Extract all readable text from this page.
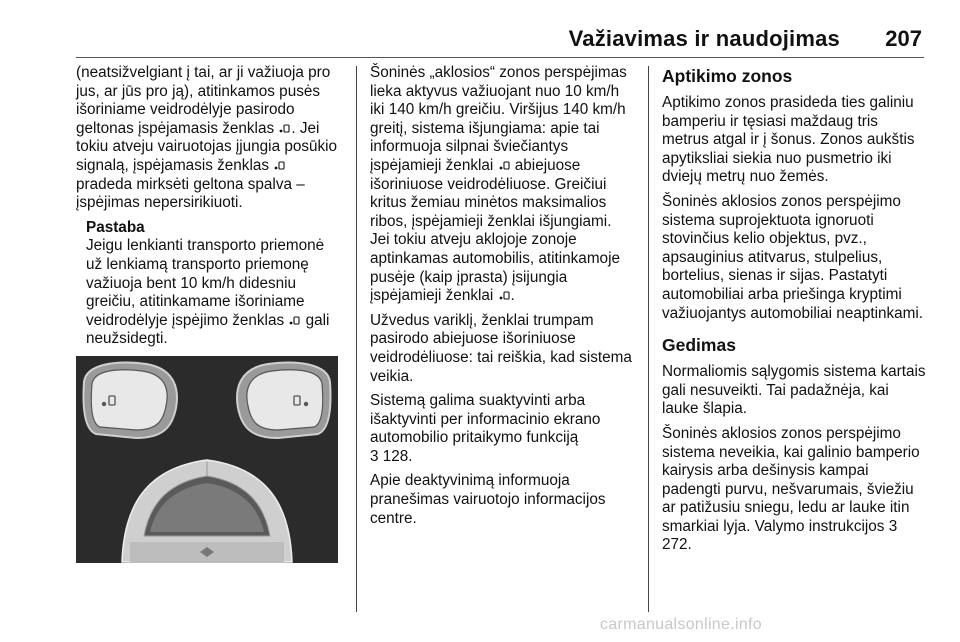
Važiavimas ir naudojimas 207

(neatsižvelgiant į tai, ar ji važiuoja pro jus, ar jūs pro ją), atitinkamos pusės išoriniame veidrodėlyje pasirodo geltonas įspėjamasis ženklas . Jei tokiu atveju vairuotojas įjungia posūkio signalą, įspėjamasis ženklas
pradeda mirksėti geltona spalva – įspėjimas nepersirikiuoti.

Pastaba
Jeigu lenkianti transporto priemonė už lenkiamą transporto priemonę važiuoja bent 10 km/h didesniu greičiu, atitinkamame išoriniame veidrodėlyje įspėjimo ženklas gali neužsidegti.

Šoninės „aklosios“ zonos perspėjimas lieka aktyvus važiuojant nuo 10 km/h iki 140 km/h greičiu. Viršijus 140 km/h greitį, sistema išjungiama: apie tai informuoja silpnai šviečiantys įspėjamieji ženklai abiejuose išoriniuose veidrodėliuose. Greičiui kritus žemiau minėtos maksimalios ribos, įspėjamieji ženklai išjungiami. Jei tokiu atveju aklojoje zonoje aptinkamas automobilis, atitinkamoje pusėje (kaip įprasta) įsijungia įspėjamieji ženklai .

Užvedus variklį, ženklai trumpam pasirodo abiejuose išoriniuose veidrodėliuose: tai reiškia, kad sistema veikia.

Sistemą galima suaktyvinti arba išaktyvinti per informacinio ekrano automobilio pritaikymo funkciją
3 128.

Apie deaktyvinimą informuoja pranešimas vairuotojo informacijos centre.

Aptikimo zonos

Aptikimo zonos prasideda ties galiniu bamperiu ir tęsiasi maždaug tris metrus atgal ir į šonus. Zonos aukštis apytiksliai siekia nuo pusmetrio iki dviejų metrų nuo žemės.

Šoninės aklosios zonos perspėjimo sistema suprojektuota ignoruoti stovinčius kelio objektus, pvz., apsauginius atitvarus, stulpelius, bortelius, sienas ir sijas. Pastatyti automobiliai arba priešinga kryptimi važiuojantys automobiliai neaptinkami.

Gedimas

Normaliomis sąlygomis sistema kartais gali nesuveikti. Tai padažnėja, kai lauke šlapia.

Šoninės aklosios zonos perspėjimo sistema neveikia, kai galinio bamperio kairysis arba dešinysis kampai padengti purvu, nešvarumais, šviežiu ar patižusiu sniegu, ledu ar lauke itin smarkiai lyja. Valymo instrukcijos 3 272.

carmanualsonline.info
